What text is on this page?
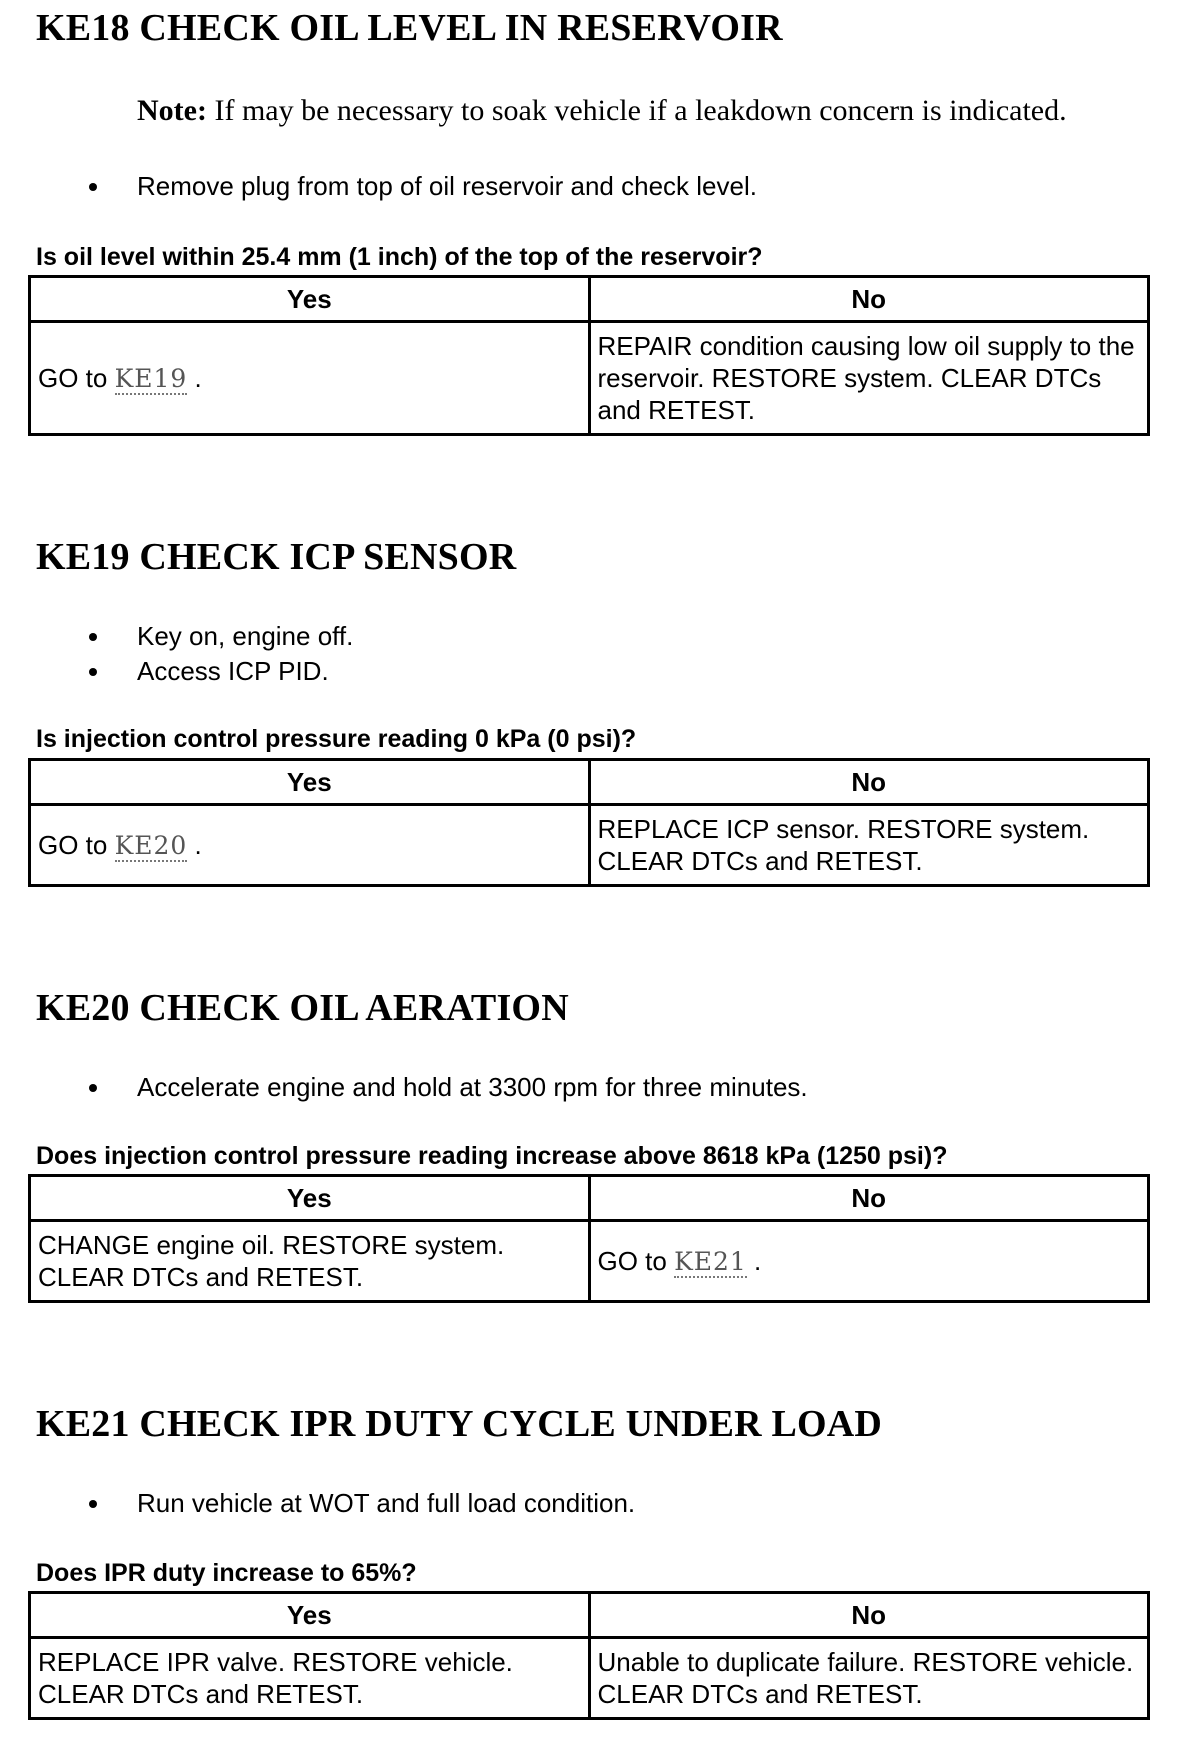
KE18 CHECK OIL LEVEL IN RESERVOIR
Note: If may be necessary to soak vehicle if a leakdown concern is indicated.
Remove plug from top of oil reservoir and check level.
Is oil level within 25.4 mm (1 inch) of the top of the reservoir?
Yes	No
GO to KE19 .	REPAIR condition causing low oil supply to the reservoir. RESTORE system. CLEAR DTCs and RETEST.
KE19 CHECK ICP SENSOR
Key on, engine off.
Access ICP PID.
Is injection control pressure reading 0 kPa (0 psi)?
Yes	No
GO to KE20 .	REPLACE ICP sensor. RESTORE system. CLEAR DTCs and RETEST.
KE20 CHECK OIL AERATION
Accelerate engine and hold at 3300 rpm for three minutes.
Does injection control pressure reading increase above 8618 kPa (1250 psi)?
Yes	No
CHANGE engine oil. RESTORE system. CLEAR DTCs and RETEST.	GO to KE21 .
KE21 CHECK IPR DUTY CYCLE UNDER LOAD
Run vehicle at WOT and full load condition.
Does IPR duty increase to 65%?
Yes	No
REPLACE IPR valve. RESTORE vehicle. CLEAR DTCs and RETEST.	Unable to duplicate failure. RESTORE vehicle. CLEAR DTCs and RETEST.
